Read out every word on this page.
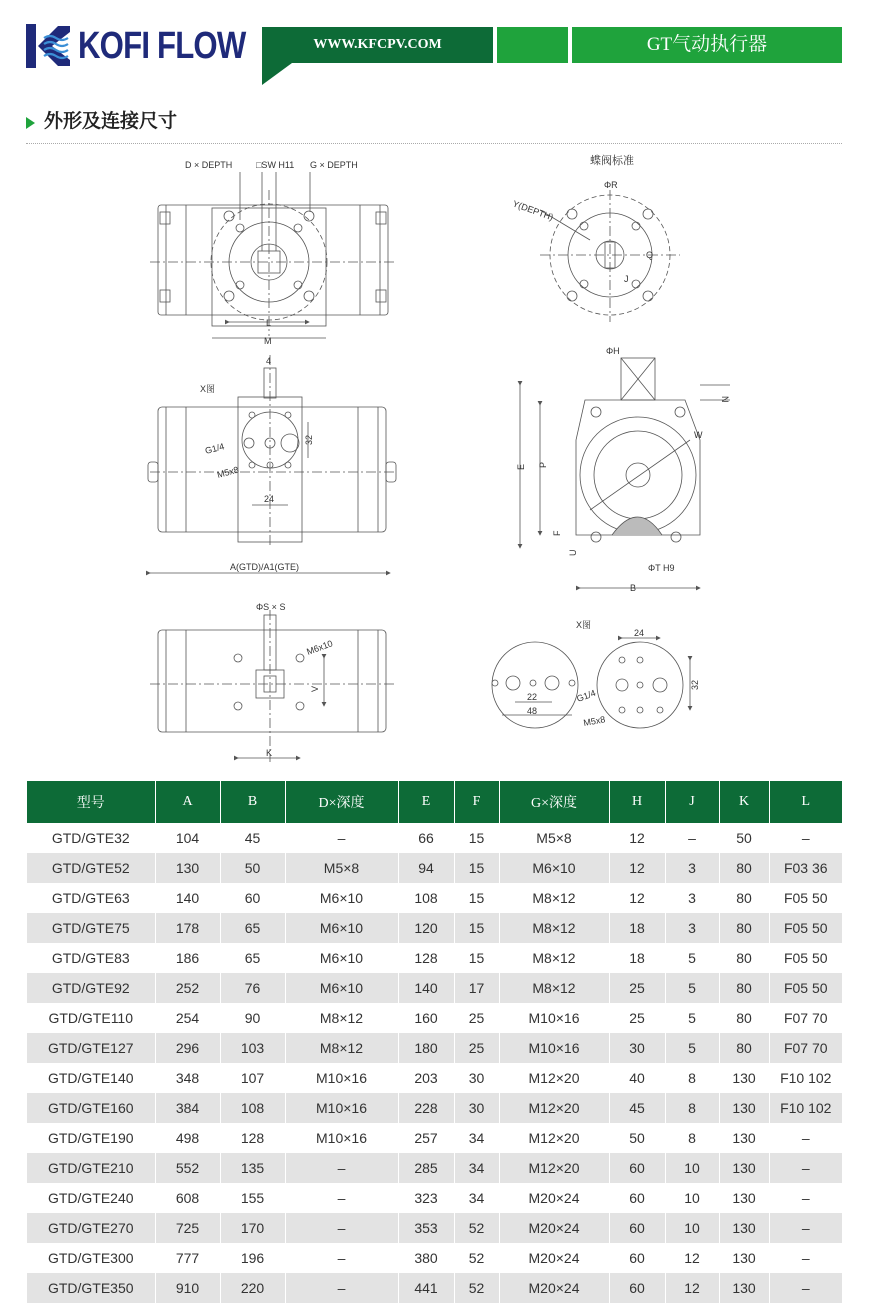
KOFI FLOW	WWW.KFCPV.COM	GT气动执行器
外形及连接尺寸
D × DEPTH	□SW H11 G × DEPTH
L
M
蝶阀标准
ΦR
Y(DEPTH)
J
Q
4
X图
G1/4
M5x8
32
24
A(GTD)/A1(GTE)
ΦH
N
E P
W
F
U
ΦT H9
B
ΦS × S
M6x10
V
K
X图
24
22
48
32
G1/4
M5x8
型号	A	B	D×深度	E	F	G×深度	H	J	K	L
GTD/GTE32	104	45	–	66	15	M5×8	12	–	50	–
GTD/GTE52	130	50	M5×8	94	15	M6×10	12	3	80	F03 36
GTD/GTE63	140	60	M6×10	108	15	M8×12	12	3	80	F05 50
GTD/GTE75	178	65	M6×10	120	15	M8×12	18	3	80	F05 50
GTD/GTE83	186	65	M6×10	128	15	M8×12	18	5	80	F05 50
GTD/GTE92	252	76	M6×10	140	17	M8×12	25	5	80	F05 50
GTD/GTE110	254	90	M8×12	160	25	M10×16	25	5	80	F07 70
GTD/GTE127	296	103	M8×12	180	25	M10×16	30	5	80	F07 70
GTD/GTE140	348	107	M10×16	203	30	M12×20	40	8	130	F10 102
GTD/GTE160	384	108	M10×16	228	30	M12×20	45	8	130	F10 102
GTD/GTE190	498	128	M10×16	257	34	M12×20	50	8	130	–
GTD/GTE210	552	135	–	285	34	M12×20	60	10	130	–
GTD/GTE240	608	155	–	323	34	M20×24	60	10	130	–
GTD/GTE270	725	170	–	353	52	M20×24	60	10	130	–
GTD/GTE300	777	196	–	380	52	M20×24	60	12	130	–
GTD/GTE350	910	220	–	441	52	M20×24	60	12	130	–
